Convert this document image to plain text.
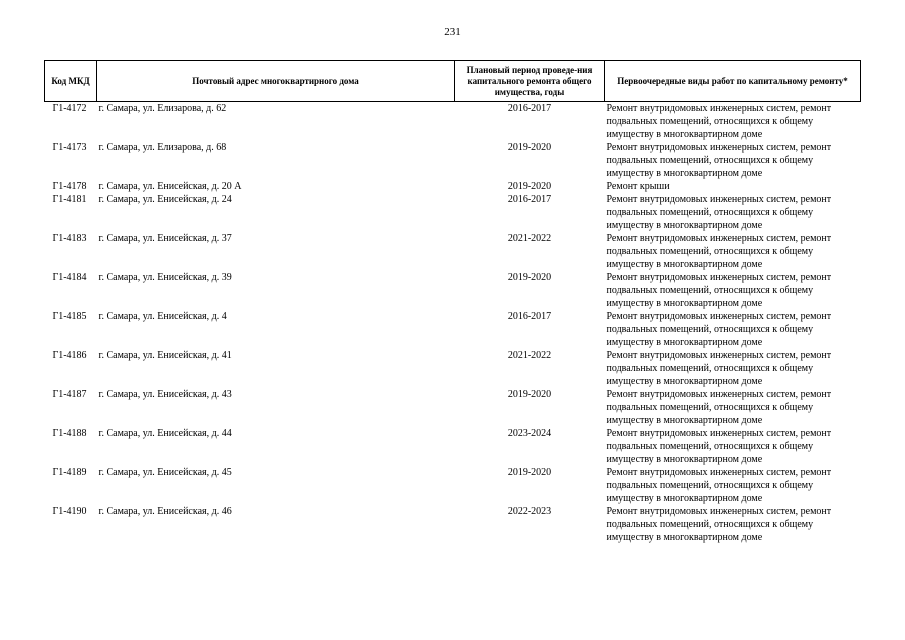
231
Код МКД	Почтовый адрес многоквартирного дома	Плановый период проведе-ния капитального ремонта общего имущества, годы	Первоочередные виды работ по капитальному ремонту*
Г1-4172	г. Самара, ул. Елизарова, д. 62	2016-2017	Ремонт внутридомовых инженерных систем, ремонт подвальных помещений, относящихся к общему имуществу в многоквартирном доме
Г1-4173	г. Самара, ул. Елизарова, д. 68	2019-2020	Ремонт внутридомовых инженерных систем, ремонт подвальных помещений, относящихся к общему имуществу в многоквартирном доме
Г1-4178	г. Самара, ул. Енисейская, д. 20 А	2019-2020	Ремонт крыши
Г1-4181	г. Самара, ул. Енисейская, д. 24	2016-2017	Ремонт внутридомовых инженерных систем, ремонт подвальных помещений, относящихся к общему имуществу в многоквартирном доме
Г1-4183	г. Самара, ул. Енисейская, д. 37	2021-2022	Ремонт внутридомовых инженерных систем, ремонт подвальных помещений, относящихся к общему имуществу в многоквартирном доме
Г1-4184	г. Самара, ул. Енисейская, д. 39	2019-2020	Ремонт внутридомовых инженерных систем, ремонт подвальных помещений, относящихся к общему имуществу в многоквартирном доме
Г1-4185	г. Самара, ул. Енисейская, д. 4	2016-2017	Ремонт внутридомовых инженерных систем, ремонт подвальных помещений, относящихся к общему имуществу в многоквартирном доме
Г1-4186	г. Самара, ул. Енисейская, д. 41	2021-2022	Ремонт внутридомовых инженерных систем, ремонт подвальных помещений, относящихся к общему имуществу в многоквартирном доме
Г1-4187	г. Самара, ул. Енисейская, д. 43	2019-2020	Ремонт внутридомовых инженерных систем, ремонт подвальных помещений, относящихся к общему имуществу в многоквартирном доме
Г1-4188	г. Самара, ул. Енисейская, д. 44	2023-2024	Ремонт внутридомовых инженерных систем, ремонт подвальных помещений, относящихся к общему имуществу в многоквартирном доме
Г1-4189	г. Самара, ул. Енисейская, д. 45	2019-2020	Ремонт внутридомовых инженерных систем, ремонт подвальных помещений, относящихся к общему имуществу в многоквартирном доме
Г1-4190	г. Самара, ул. Енисейская, д. 46	2022-2023	Ремонт внутридомовых инженерных систем, ремонт подвальных помещений, относящихся к общему имуществу в многоквартирном доме
